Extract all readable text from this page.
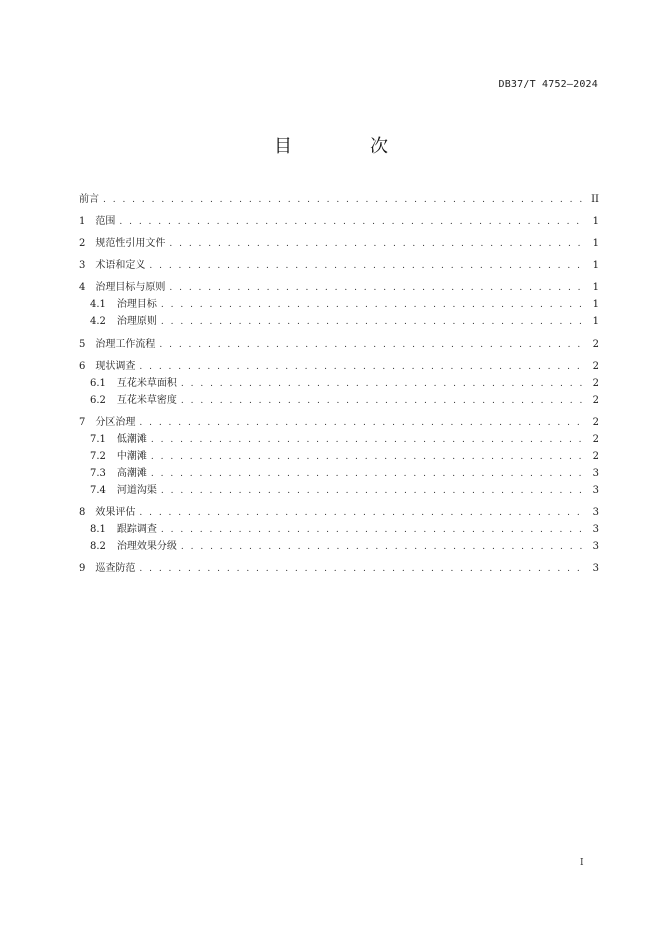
DB37/T 4752—2024
目　次
前言 . . .	II
1 范围 . . .	1
2 规范性引用文件 . . .	1
3 术语和定义 . . .	1
4 治理目标与原则 . . .	1
4.1 治理目标 . . .	1
4.2 治理原则 . . .	1
5 治理工作流程 . . .	2
6 现状调查 . . .	2
6.1 互花米草面积 . . .	2
6.2 互花米草密度 . . .	2
7 分区治理 . . .	2
7.1 低潮滩 . . .	2
7.2 中潮滩 . . .	2
7.3 高潮滩 . . .	3
7.4 河道沟渠 . . .	3
8 效果评估 . . .	3
8.1 跟踪调查 . . .	3
8.2 治理效果分级 . . .	3
9 巡查防范 . . .	3
I
